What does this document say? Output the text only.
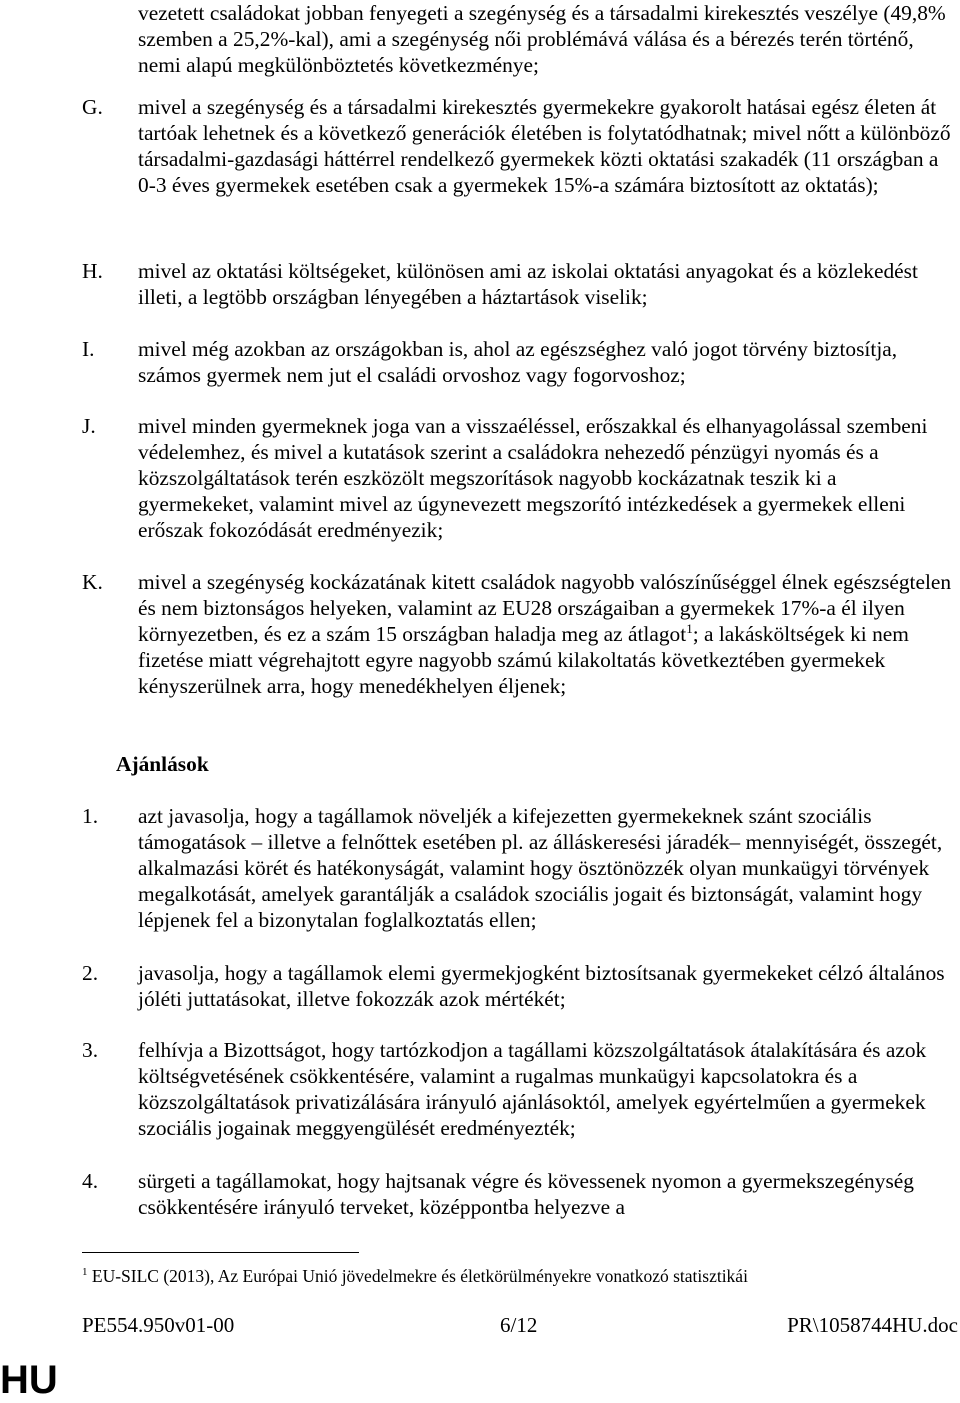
vezetett családokat jobban fenyegeti a szegénység és a társadalmi kirekesztés veszélye (49,8% szemben a 25,2%-kal), ami a szegénység női problémává válása és a bérezés terén történő, nemi alapú megkülönböztetés következménye;
G. mivel a szegénység és a társadalmi kirekesztés gyermekekre gyakorolt hatásai egész életen át tartóak lehetnek és a következő generációk életében is folytatódhatnak; mivel nőtt a különböző társadalmi-gazdasági háttérrel rendelkező gyermekek közti oktatási szakadék (11 országban a 0-3 éves gyermekek esetében csak a gyermekek 15%-a számára biztosított az oktatás);
H. mivel az oktatási költségeket, különösen ami az iskolai oktatási anyagokat és a közlekedést illeti, a legtöbb országban lényegében a háztartások viselik;
I. mivel még azokban az országokban is, ahol az egészséghez való jogot törvény biztosítja, számos gyermek nem jut el családi orvoshoz vagy fogorvoshoz;
J. mivel minden gyermeknek joga van a visszaéléssel, erőszakkal és elhanyagolással szembeni védelemhez, és mivel a kutatások szerint a családokra nehezedő pénzügyi nyomás és a közszolgáltatások terén eszközölt megszorítások nagyobb kockázatnak teszik ki a gyermekeket, valamint mivel az úgynevezett megszorító intézkedések a gyermekek elleni erőszak fokozódását eredményezik;
K. mivel a szegénység kockázatának kitett családok nagyobb valószínűséggel élnek egészségtelen és nem biztonságos helyeken, valamint az EU28 országaiban a gyermekek 17%-a él ilyen környezetben, és ez a szám 15 országban haladja meg az átlagot$^1$; a lakásköltségek ki nem fizetése miatt végrehajtott egyre nagyobb számú kilakoltatás következtében gyermekek kényszerülnek arra, hogy menedékhelyen éljenek;
Ajánlások
1. azt javasolja, hogy a tagállamok növeljék a kifejezetten gyermekeknek szánt szociális támogatások – illetve a felnőttek esetében pl. az álláskeresési járadék– mennyiségét, összegét, alkalmazási körét és hatékonyságát, valamint hogy ösztönözzék olyan munkaügyi törvények megalkotását, amelyek garantálják a családok szociális jogait és biztonságát, valamint hogy lépjenek fel a bizonytalan foglalkoztatás ellen;
2. javasolja, hogy a tagállamok elemi gyermekjogként biztosítsanak gyermekeket célzó általános jóléti juttatásokat, illetve fokozzák azok mértékét;
3. felhívja a Bizottságot, hogy tartózkodjon a tagállami közszolgáltatások átalakítására és azok költségvetésének csökkentésére, valamint a rugalmas munkaügyi kapcsolatokra és a közszolgáltatások privatizálására irányuló ajánlásoktól, amelyek egyértelműen a gyermekek szociális jogainak meggyengülését eredményezték;
4. sürgeti a tagállamokat, hogy hajtsanak végre és kövessenek nyomon a gyermekszegénység csökkentésére irányuló terveket, középpontba helyezve a
$^1$ EU-SILC (2013), Az Európai Unió jövedelmekre és életkörülményekre vonatkozó statisztikái
PE554.950v01-00	6/12	PR\1058744HU.doc
HU
